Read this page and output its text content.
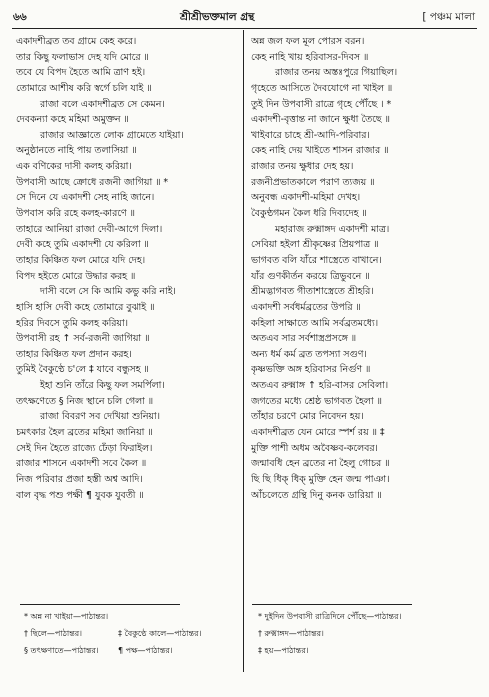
৬৬	শ্রীশ্রীভক্তমাল গ্রন্থ	[ পঞ্চম মালা
একাদশীব্রত তব গ্রামে কেহ করে।
তার কিছু ফলাভাস দেহ যদি মোরে ॥
তবে যে বিপদ হৈতে আমি ত্রাণ হই।
তোমারে আশীষ করি স্বর্গে চলি যাই ॥
রাজা বলে একাদশীব্রত সে কেমন।
দেবকন্যা কহে মহিমা অমুক্তন ॥
রাজার আজ্ঞাতে লোক গ্রামেতে যাইয়া।
অনুষ্ঠানতে নাহি পায় তলাসিয়া ॥
এক বণিকের দাসী কলহ করিয়া।
উপবাসী আছে ক্রোধে রজনী জাগিয়া ॥ *
সে দিনে যে একাদশী সেহ নাহি জানে।
উপবাস করি রহে কলহ-কারণে ॥
তাহারে আনিয়া রাজা দেবী-আগে দিলা।
দেবী কহে তুমি একাদশী যে করিলা ॥
তাহার কিঞ্চিত ফল মোরে যদি দেহ।
বিপদ হইতে মোরে উদ্ধার করহ ॥
দাসী বলে সে কি আমি কভু করি নাই।
হাসি হাসি দেবী কহে তোমারে বুঝাই ॥
হরির দিবসে তুমি কলহ করিয়া।
উপবাসী রহ ↑ সর্ব-রজনী জাগিয়া ॥
তাহার কিঞ্চিত ফল প্রদান করহ।
তুমিই বৈকুণ্ঠে চ'লে ‡ যাবে বন্ধুসহ ॥
ইহা শুনি তাঁরে কিছু ফল সমর্পিলা।
তৎক্ষণেতে § নিজ স্থানে চলি গেলা ॥
রাজা বিবরণ সব দেখিয়া শুনিয়া।
চমৎকার হৈল ব্রতের মহিমা জানিয়া ॥
সেই দিন হৈতে রাজ্যে ঢেঁড়া ফিরাইল।
রাজার শাসনে একাদশী সবে কৈল ॥
নিজ পরিবার প্রজা হস্তী অশ্ব আদি।
বাল বৃদ্ধ পশু পক্ষী ¶ যুবক যুবতী ॥
অন্ন জল ফল মূল পোরস বরন।
কেহ নাহি খায় হরিবাসর-দিবস ॥
রাজার তনয় অস্তঃপুরে গিয়াছিল।
গৃহেতে আসিতে দৈবযোগে না খাইল ॥
তুই দিন উপবাসী রাত্রে গৃহে পৌঁছে । *
একাদশী-বৃত্তান্ত না জানে ক্ষুধা তৈছে ॥
খাইবারে চাহে শ্রী-আদি-পরিবার।
কেহ নাহি দেয় খাইতে শাসন রাজার ॥
রাজার তনয় ক্ষুধার দেহ হয়।
রজনীপ্রভাতকালে পরাণ ত্যজয় ॥
অনুবন্ধ একাদশী-মহিমা দেখহ।
বৈকুণ্ঠগমন কৈল ধরি দিব্যদেহ ॥
মহারাজ রুক্মাঙ্গদ একাদশী মাত্র।
সেবিয়া হইলা শ্রীকৃষ্ণের প্রিয়পাত্র ॥
ভাগবত বলি যাঁরে শাস্ত্রেতে বাখানে।
যাঁর গুণকীর্তন করয়ে ত্রিভুবনে ॥
শ্রীমদ্ভাগবত গীতাশাস্ত্রেতে শ্রীহরি।
একাদশী সর্বধর্মব্রতের উপরি ॥
কহিলা সাক্ষাতে আমি সর্বব্রতমধ্যে।
অতএব সার সর্বশাস্ত্রপ্রসঙ্গে ॥
অন্য ধর্ম কর্ম ব্রত তপস্যা সগুণ।
কৃষ্ণভক্তি অঙ্গ হরিবাসর নির্গুণ ॥
অতএব রুক্মাঙ্গ ↑ হরি-বাসর সেবিলা।
জগতের মধ্যে শ্রেষ্ঠ ভাগবত হৈলা ॥
তাঁহার চরণে মোর নিবেদন হয়।
একাদশীব্রত যেন মোরে স্পর্শ রয় ॥ ‡
মুক্তি পাশী অধম অবৈষ্ণব-কলেবর।
জন্মাবধি হেন ব্রতের না হৈলু গোচর ॥
ছি ছি ধিক্ ধিক্ মুক্তি হেন জন্ম পাঞা।
আঁচলেতে গ্রন্থি দিনু কনক ডারিয়া ॥
* অন্ন না খাইয়া—পাঠান্তর।
† ছিলে—পাঠান্তর।	‡ বৈকুণ্ঠে কালে—পাঠান্তর।
§ তৎক্ষণাতে—পাঠান্তর। ¶ পক্ষ—পাঠান্তর।
* দুইদিন উপবাসী রাত্রিদিনে পৌঁছে—পাঠান্তর।
† রুক্মাঙ্গদ—পাঠান্তর।
‡ হয়—পাঠান্তর।
